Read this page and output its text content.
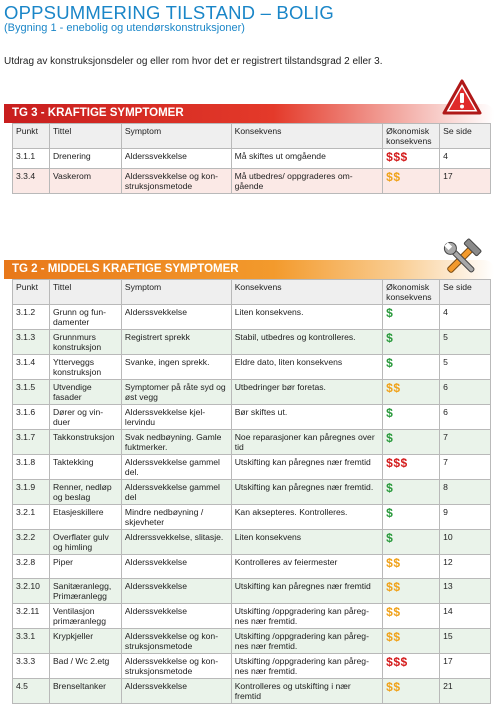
OPPSUMMERING TILSTAND – BOLIG
(Bygning 1 - enebolig og utendørskonstruksjoner)

Utdrag av konstruksjonsdeler og eller rom hvor det er registrert tilstandsgrad 2 eller 3.

TG 3 - KRAFTIGE SYMPTOMER
Punkt	Tittel	Symptom	Konsekvens	Økonomisk konsekvens	Se side
3.1.1	Drenering	Alderssvekkelse	Må skiftes ut omgående	$$$	4
3.3.4	Vaskerom	Alderssvekkelse og kon-struksjonsmetode	Må utbedres/ oppgraderes om-gående	$$	17
TG 2 - MIDDELS KRAFTIGE SYMPTOMER
Punkt	Tittel	Symptom	Konsekvens	Økonomisk konsekvens	Se side
3.1.2	Grunn og fun-damenter	Alderssvekkelse	Liten konsekvens.	$	4
3.1.3	Grunnmurs konstruksjon	Registrert sprekk	Stabil, utbedres og kontrolleres.	$	5
3.1.4	Ytterveggs konstruksjon	Svanke, ingen sprekk.	Eldre dato, liten konsekvens	$	5
3.1.5	Utvendige fasader	Symptomer på råte syd og øst vegg	Utbedringer bør foretas.	$$	6
3.1.6	Dører og vin-duer	Alderssvekkelse kjel-lervindu	Bør skiftes ut.	$	6
3.1.7	Takkonstruksjon	Svak nedbøyning. Gamle fuktmerker.	Noe reparasjoner kan påregnes over tid	$	7
3.1.8	Taktekking	Alderssvekkelse gammel del.	Utskifting kan påregnes nær fremtid	$$$	7
3.1.9	Renner, nedløp og beslag	Alderssvekkelse gammel del	Utskifting kan påregnes nær fremtid.	$	8
3.2.1	Etasjeskillere	Mindre nedbøyning / skjevheter	Kan aksepteres. Kontrolleres.	$	9
3.2.2	Overflater gulv og himling	Aldrerssvekkelse, slitasje.	Liten konsekvens	$	10
3.2.8	Piper	Alderssvekkelse	Kontrolleres av feiermester	$$	12
3.2.10	Sanitæranlegg, Primæranlegg	Alderssvekkelse	Utskifting kan påregnes nær fremtid	$$	13
3.2.11	Ventilasjon primæranlegg	Alderssvekkelse	Utskifting /oppgradering kan påreg-nes nær fremtid.	$$	14
3.3.1	Krypkjeller	Alderssvekkelse og kon-struksjonsmetode	Utskifting /oppgradering kan påreg-nes nær fremtid.	$$	15
3.3.3	Bad / Wc 2.etg	Alderssvekkelse og kon-struksjonsmetode	Utskifting /oppgradering kan påreg-nes nær fremtid.	$$$	17
4.5	Brenseltanker	Alderssvekkelse	Kontrolleres og utskifting i nær fremtid	$$	21
